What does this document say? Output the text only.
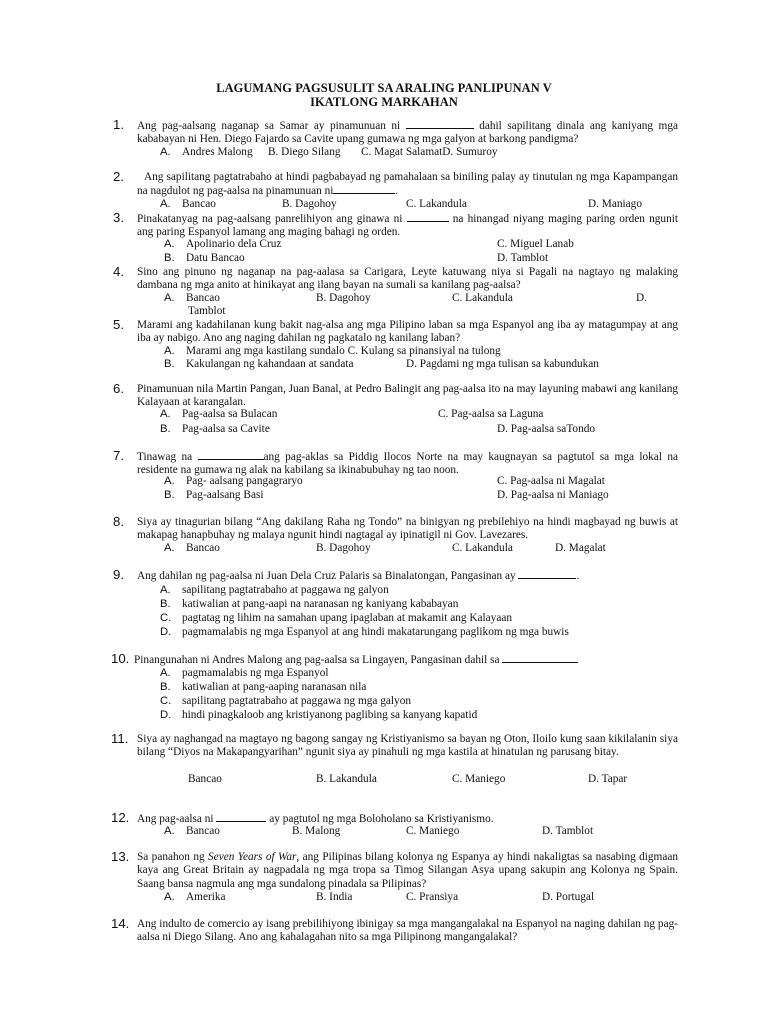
LAGUMANG PAGSUSULIT SA ARALING PANLIPUNAN V
IKATLONG MARKAHAN
1. Ang pag-aalsang naganap sa Samar ay pinamunuan ni	dahil sapilitang dinala ang kaniyang mga kababayan ni Hen. Diego Fajardo sa Cavite upang gumawa ng mga galyon at barkong pandigma?
A. Andres Malong B. Diego Silang C. Magat SalamatD. Sumuroy
2.	Ang sapilitang pagtatrabaho at hindi pagbabayad ng pamahalaan sa biniling palay ay tinutulan ng mga Kapampangan na nagdulot ng pag-aalsa na pinamunuan ni	.
A. Bancao	B. Dagohoy	C. Lakandula	D. Maniago
3. Pinakatanyag na pag-aalsang panrelihiyon ang ginawa ni	na hinangad niyang maging paring orden ngunit ang paring Espanyol lamang ang maging bahagi ng orden.
A. Apolinario dela Cruz	C. Miguel Lanab
B. Datu Bancao	D. Tamblot
4. Sino ang pinuno ng naganap na pag-aalasa sa Carigara, Leyte katuwang niya si Pagali na nagtayo ng malaking dambana ng mga anito at hinikayat ang ilang bayan na sumali sa kanilang pag-aalsa?
A. Bancao	B. Dagohoy	C. Lakandula	D.
Tamblot
5. Marami ang kadahilanan kung bakit nag-alsa ang mga Pilipino laban sa mga Espanyol ang iba ay matagumpay at ang iba ay nabigo. Ano ang naging dahilan ng pagkatalo ng kanilang laban?
A. Marami ang mga kastilang sundalo C. Kulang sa pinansiyal na tulong
B. Kakulangan ng kahandaan at sandata	D. Pagdami ng mga tulisan sa kabundukan
6. Pinamunuan nila Martin Pangan, Juan Banal, at Pedro Balingit ang pag-aalsa ito na may layuning mabawi ang kanilang Kalayaan at karangalan.
A. Pag-aalsa sa Bulacan	C. Pag-aalsa sa Laguna
B. Pag-aalsa sa Cavite	D. Pag-aalsa saTondo
7. Tinawag na	ang pag-aklas sa Piddig Ilocos Norte na may kaugnayan sa pagtutol sa mga lokal na residente na gumawa ng alak na kabilang sa ikinabubuhay ng tao noon.
A. Pag- aalsang pangagraryo	C. Pag-aalsa ni Magalat
B. Pag-aalsang Basi	D. Pag-aalsa ni Maniago
8. Siya ay tinagurian bilang “Ang dakilang Raha ng Tondo” na binigyan ng prebilehiyo na hindi magbayad ng buwis at makapag hanapbuhay ng malaya ngunit hindi nagtagal ay ipinatigil ni Gov. Lavezares.
A. Bancao	B. Dagohoy	C. Lakandula	D. Magalat
9. Ang dahilan ng pag-aalsa ni Juan Dela Cruz Palaris sa Binalatongan, Pangasinan ay	.
A. sapilitang pagtatrabaho at paggawa ng galyon
B. katiwalian at pang-aapi na naranasan ng kaniyang kababayan
C. pagtatag ng lihim na samahan upang ipaglaban at makamit ang Kalayaan
D. pagmamalabis ng mga Espanyol at ang hindi makatarungang paglikom ng mga buwis
10. Pinangunahan ni Andres Malong ang pag-aalsa sa Lingayen, Pangasinan dahil sa
A. pagmamalabis ng mga Espanyol
B. katiwalian at pang-aaping naranasan nila
C. sapilitang pagtatrabaho at paggawa ng mga galyon
D. hindi pinagkaloob ang kristiyanong paglibing sa kanyang kapatid
11. Siya ay naghangad na magtayo ng bagong sangay ng Kristiyanismo sa bayan ng Oton, Iloilo kung saan kikilalanin siya bilang “Diyos na Makapangyarihan” ngunit siya ay pinahuli ng mga kastila at hinatulan ng parusang bitay.
Bancao	B. Lakandula	C. Maniego	D. Tapar
12. Ang pag-aalsa ni	ay pagtutol ng mga Boloholano sa Kristiyanismo.
A. Bancao	B. Malong	C. Maniego	D. Tamblot
13. Sa panahon ng Seven Years of War, ang Pilipinas bilang kolonya ng Espanya ay hindi nakaligtas sa nasabing digmaan kaya ang Great Britain ay nagpadala ng mga tropa sa Timog Silangan Asya upang sakupin ang Kolonya ng Spain. Saang bansa nagmula ang mga sundalong pinadala sa Pilipinas?
A. Amerika	B. India	C. Pransiya	D. Portugal
14. Ang indulto de comercio ay isang prebilihiyong ibinigay sa mga mangangalakal na Espanyol na naging dahilan ng pag-aalsa ni Diego Silang. Ano ang kahalagahan nito sa mga Pilipinong mangangalakal?
